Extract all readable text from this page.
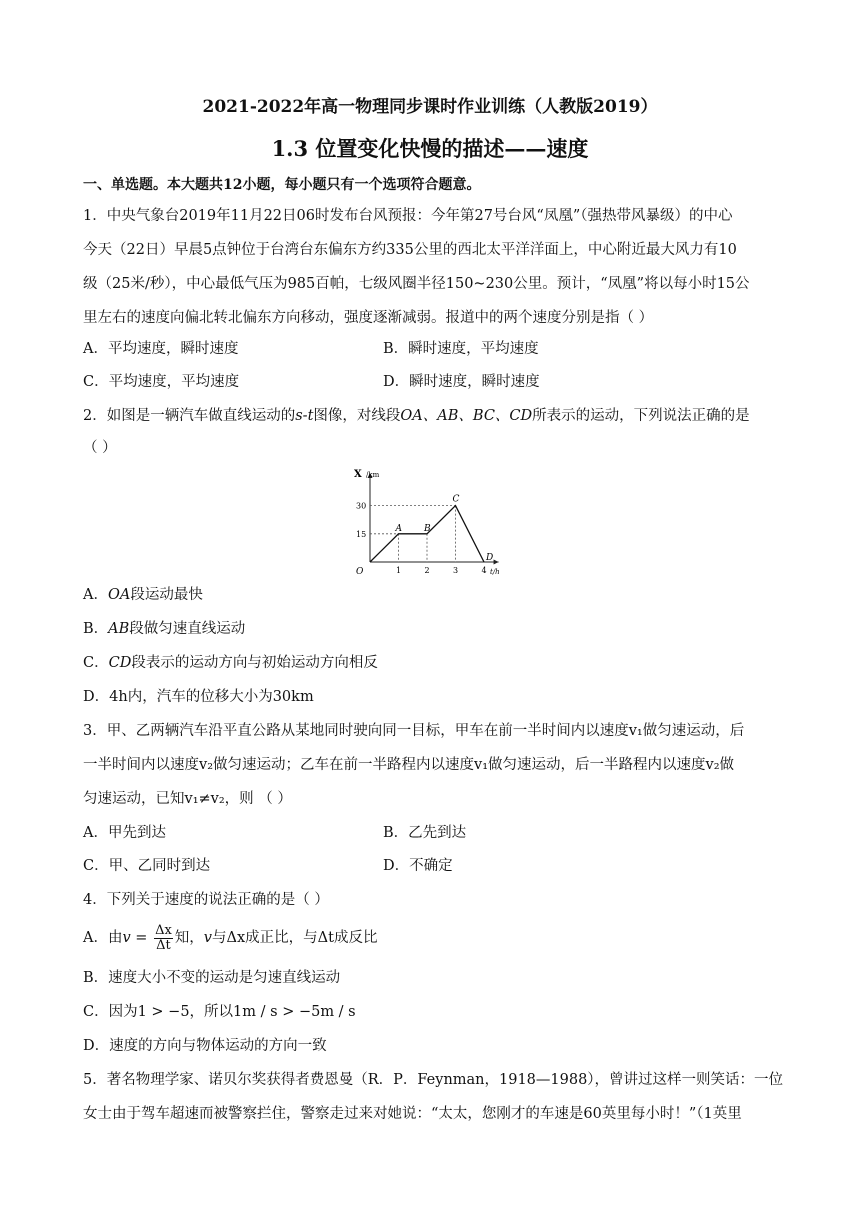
2021-2022年高一物理同步课时作业训练（人教版2019）
1.3 位置变化快慢的描述——速度
一、单选题。本大题共12小题，每小题只有一个选项符合题意。
1．中央气象台2019年11月22日06时发布台风预报：今年第27号台风“凤凰”（强热带风暴级）的中心
今天（22日）早晨5点钟位于台湾台东偏东方约335公里的西北太平洋洋面上，中心附近最大风力有10
级（25米/秒），中心最低气压为985百帕，七级风圈半径150~230公里。预计，“凤凰”将以每小时15公
里左右的速度向偏北转北偏东方向移动，强度逐渐减弱。报道中的两个速度分别是指（ ）
A．平均速度，瞬时速度	B．瞬时速度，平均速度
C．平均速度，平均速度	D．瞬时速度，瞬时速度
2．如图是一辆汽车做直线运动的s-t图像，对线段OA、AB、BC、CD所表示的运动，下列说法正确的是
（ ）
X /km
t/h
1	2	3	4
15
30
O
A B
C
D
A．OA段运动最快
B．AB段做匀速直线运动
C．CD段表示的运动方向与初始运动方向相反
D．4h内，汽车的位移大小为30km
3．甲、乙两辆汽车沿平直公路从某地同时驶向同一目标，甲车在前一半时间内以速度v₁做匀速运动，后
一半时间内以速度v₂做匀速运动；乙车在前一半路程内以速度v₁做匀速运动，后一半路程内以速度v₂做
匀速运动，已知v₁≠v₂，则 （ ）
A．甲先到达	B．乙先到达
C．甲、乙同时到达	D．不确定
4．下列关于速度的说法正确的是（ ）
A．由$v = \frac{\Delta x}{\Delta t}$ 知，v与Δx成正比，与Δt成反比
B．速度大小不变的运动是匀速直线运动
C．因为1 > −5，所以1m / s > −5m / s
D．速度的方向与物体运动的方向一致
5．著名物理学家、诺贝尔奖获得者费恩曼（R．P．Feynman，1918—1988），曾讲过这样一则笑话：一位
女士由于驾车超速而被警察拦住，警察走过来对她说：“太太，您刚才的车速是60英里每小时！”（1英里
